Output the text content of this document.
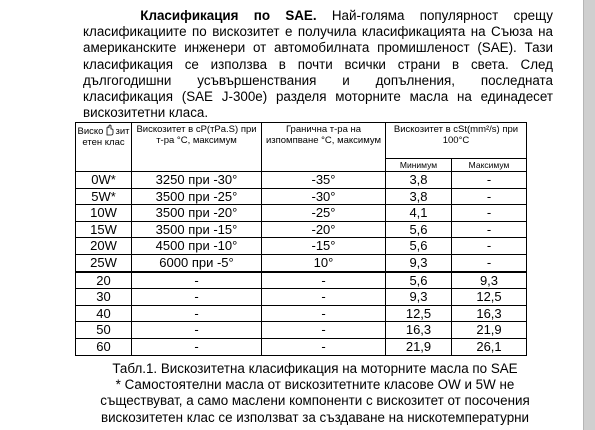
Класификация по SAE. Най-голяма популярност срещу класификациите по вискозитет е получила класификацията на Съюза на американските инженери от автомобилната промишленост (SAE). Тази класификация се използва в почти всички страни в света. След дългогодишни усъвършенствания и допълнения, последната класификация (SAE J-300e) разделя моторните масла на единадесет вискозитетни класа.
Виско зит
етен клас	Вискозитет в cP(тPa.S) при т-ра °C, максимум	Гранична т-ра на изпомпване °C, максимум	Вискозитет в cSt(mm²/s) при 100°C	
			Минимум	Максимум
0W*	3250 при -30°	-35°	3,8	-
5W*	3500 при -25°	-30°	3,8	-
10W	3500 при -20°	-25°	4,1	-
15W	3500 при -15°	-20°	5,6	-
20W	4500 при -10°	-15°	5,6	-
25W	6000 при -5°	10°	9,3	-
20	-	-	5,6	9,3
30	-	-	9,3	12,5
40	-	-	12,5	16,3
50	-	-	16,3	21,9
60	-	-	21,9	26,1
Табл.1. Вискозитетна класификация на моторните масла по SAE
* Самостоятелни масла от вискозитетните класове OW и 5W не
съществуват, а само маслени компоненти с вискозитет от посочения
вискозитетен клас се използват за създаване на нискотемпературни
